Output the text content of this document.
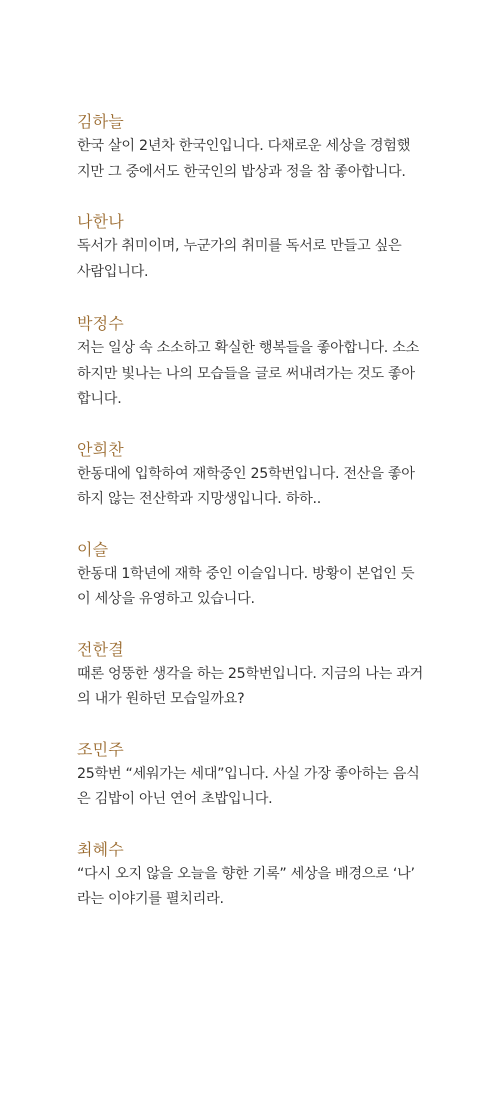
김하늘

한국 살이 2년차 한국인입니다. 다채로운 세상을 경험했
지만 그 중에서도 한국인의 밥상과 정을 참 좋아합니다.

나한나

독서가 취미이며, 누군가의 취미를 독서로 만들고 싶은
사람입니다.

박정수

저는 일상 속 소소하고 확실한 행복들을 좋아합니다. 소소
하지만 빛나는 나의 모습들을 글로 써내려가는 것도 좋아
합니다.

안희찬

한동대에 입학하여 재학중인 25학번입니다. 전산을 좋아
하지 않는 전산학과 지망생입니다. 하하..

이슬

한동대 1학년에 재학 중인 이슬입니다. 방황이 본업인 듯
이 세상을 유영하고 있습니다.

전한결

때론 엉뚱한 생각을 하는 25학번입니다. 지금의 나는 과거
의 내가 원하던 모습일까요?

조민주

25학번 “세워가는 세대”입니다. 사실 가장 좋아하는 음식
은 김밥이 아닌 연어 초밥입니다.

최혜수

“다시 오지 않을 오늘을 향한 기록” 세상을 배경으로 ‘나’
라는 이야기를 펼치리라.
